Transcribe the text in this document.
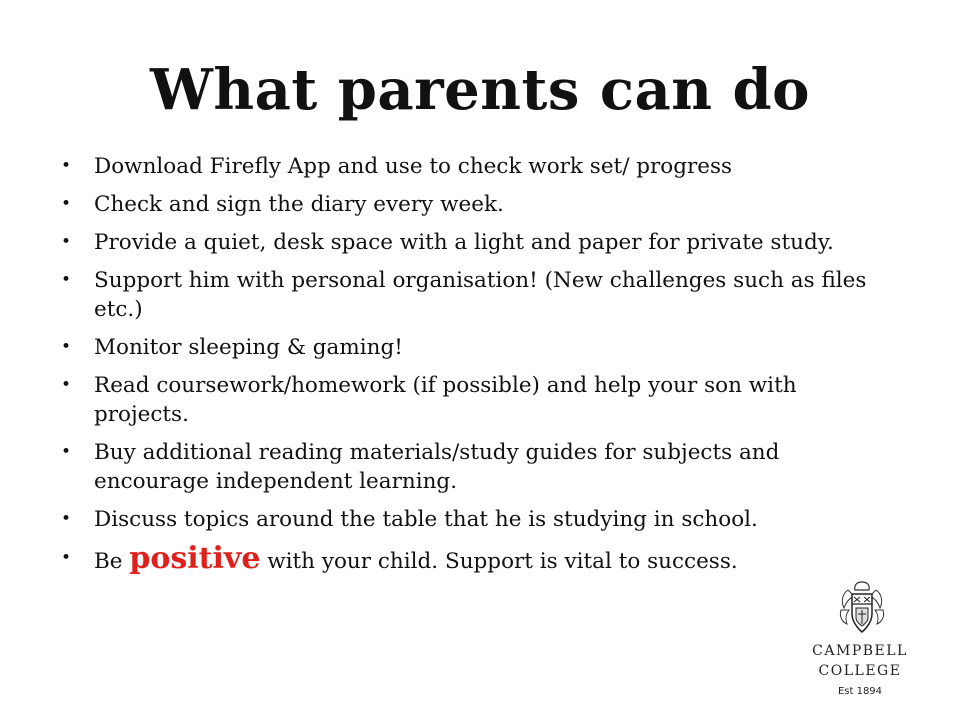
What parents can do
• Download Firefly App and use to check work set/ progress
• Check and sign the diary every week.
• Provide a quiet, desk space with a light and paper for private study.
• Support him with personal organisation! (New challenges such as files etc.)
• Monitor sleeping & gaming!
• Read coursework/homework (if possible) and help your son with projects.
• Buy additional reading materials/study guides for subjects and encourage independent learning.
• Discuss topics around the table that he is studying in school.
• Be positive with your child. Support is vital to success.
CAMPBELL
COLLEGE
Est 1894
